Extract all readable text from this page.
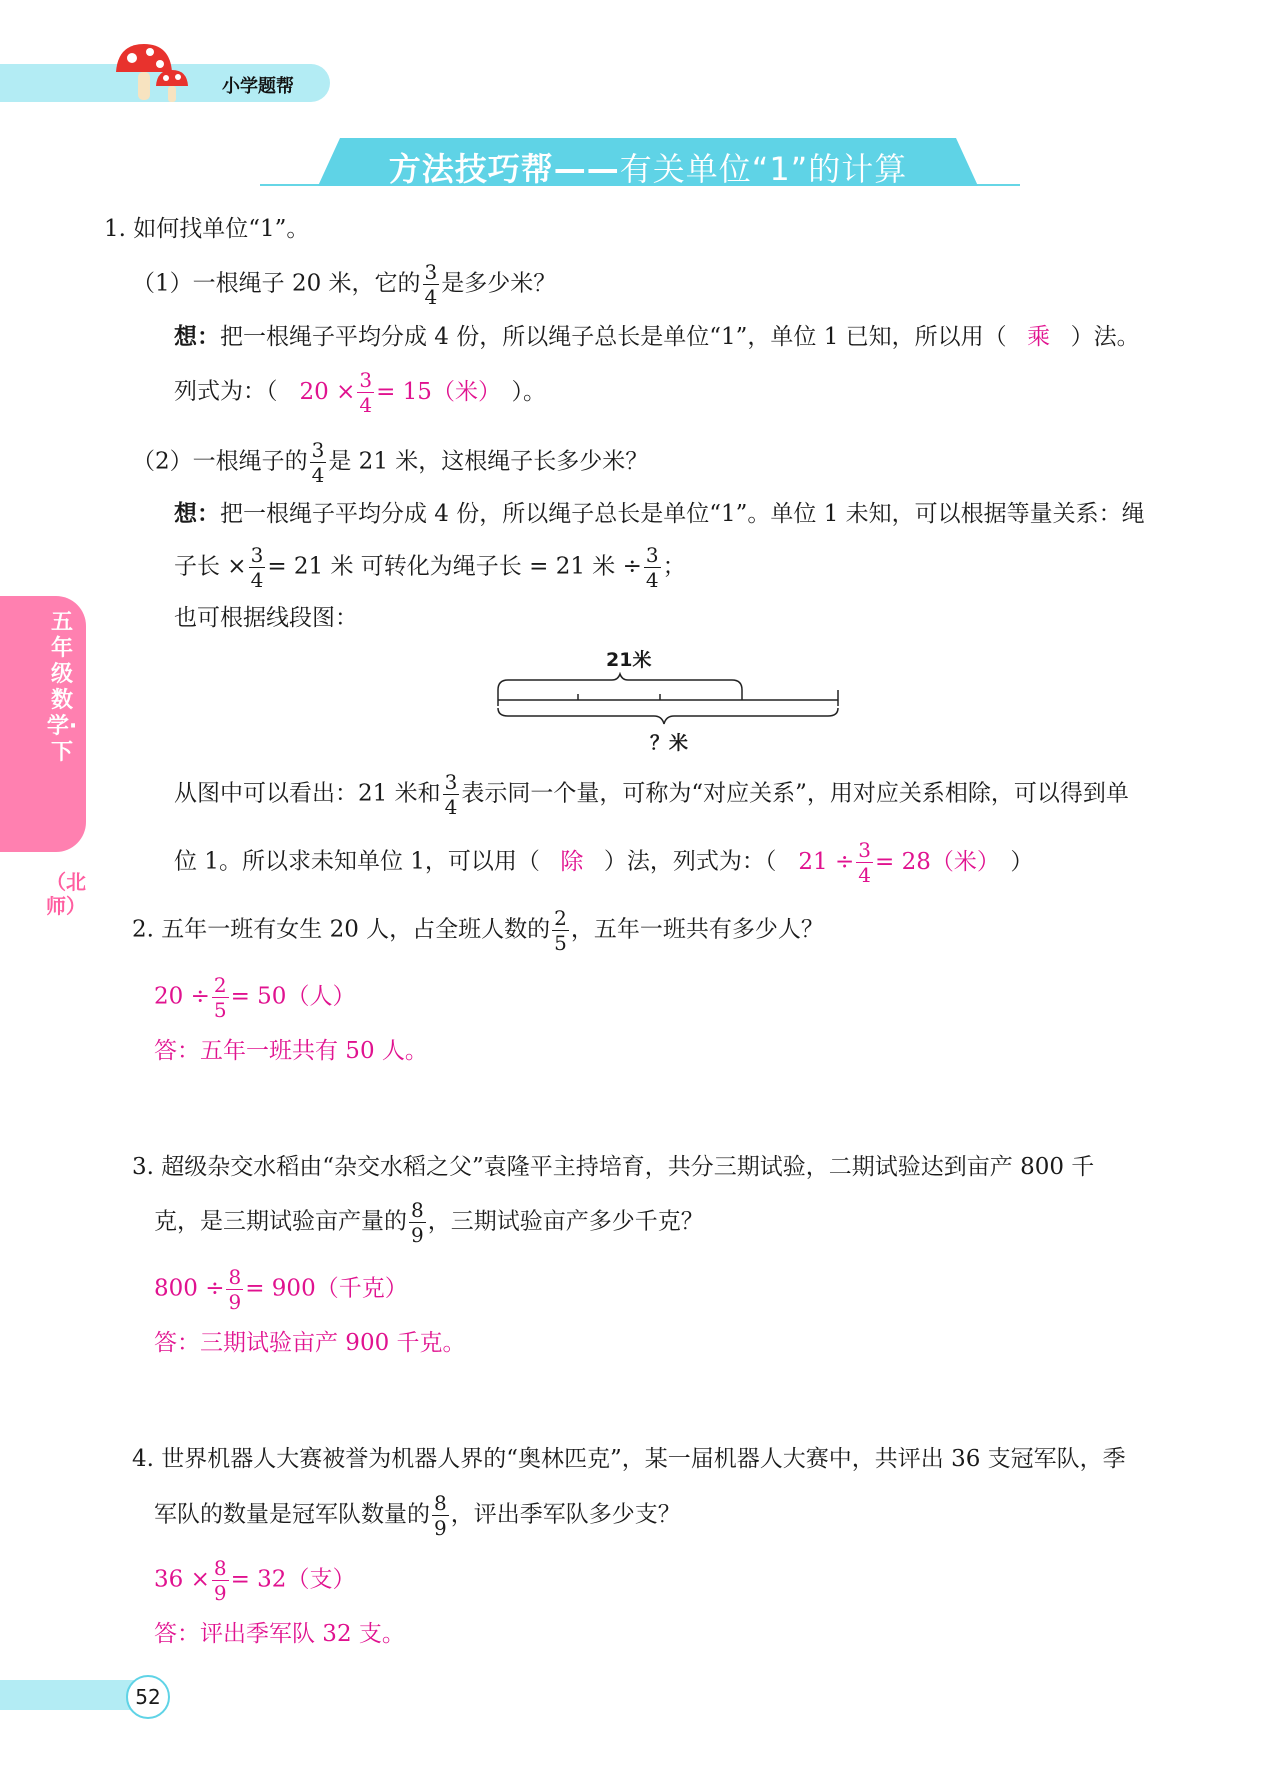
小学题帮
方法技巧帮——有关单位“1”的计算
五年级数学·下
（北师）
1. 如何找单位“1”。
（1）一根绳子 20 米，它的 $\frac{3}{4}$ 是多少米？
想：把一根绳子平均分成 4 份，所以绳子总长是单位“1”，单位 1 已知，所以用（ 乘 ）法。
列式为：（ $20 \times \frac{3}{4} = 15$（米） ）。
（2）一根绳子的 $\frac{3}{4}$ 是 21 米，这根绳子长多少米？
想：把一根绳子平均分成 4 份，所以绳子总长是单位“1”。单位 1 未知，可以根据等量关系：绳
子长 × $\frac{3}{4} = 21$ 米 可转化为绳子长 = 21 米 ÷ $\frac{3}{4}$ ；
也可根据线段图：
21米
？米
从图中可以看出：21 米和 $\frac{3}{4}$ 表示同一个量，可称为“对应关系”，用对应关系相除，可以得到单
位 1。所以求未知单位 1，可以用（ 除 ）法，列式为：（ $21 \div \frac{3}{4} = 28$（米） ）
2. 五年一班有女生 20 人，占全班人数的 $\frac{2}{5}$ ，五年一班共有多少人？
$20 \div \frac{2}{5} = 50$（人）
答：五年一班共有 50 人。
3. 超级杂交水稻由“杂交水稻之父”袁隆平主持培育，共分三期试验，二期试验达到亩产 800 千
克，是三期试验亩产量的 $\frac{8}{9}$ ，三期试验亩产多少千克？
$800 \div \frac{8}{9} = 900$（千克）
答：三期试验亩产 900 千克。
4. 世界机器人大赛被誉为机器人界的“奥林匹克”，某一届机器人大赛中，共评出 36 支冠军队，季
军队的数量是冠军队数量的 $\frac{8}{9}$ ，评出季军队多少支？
$36 \times \frac{8}{9} = 32$（支）
答：评出季军队 32 支。
52
